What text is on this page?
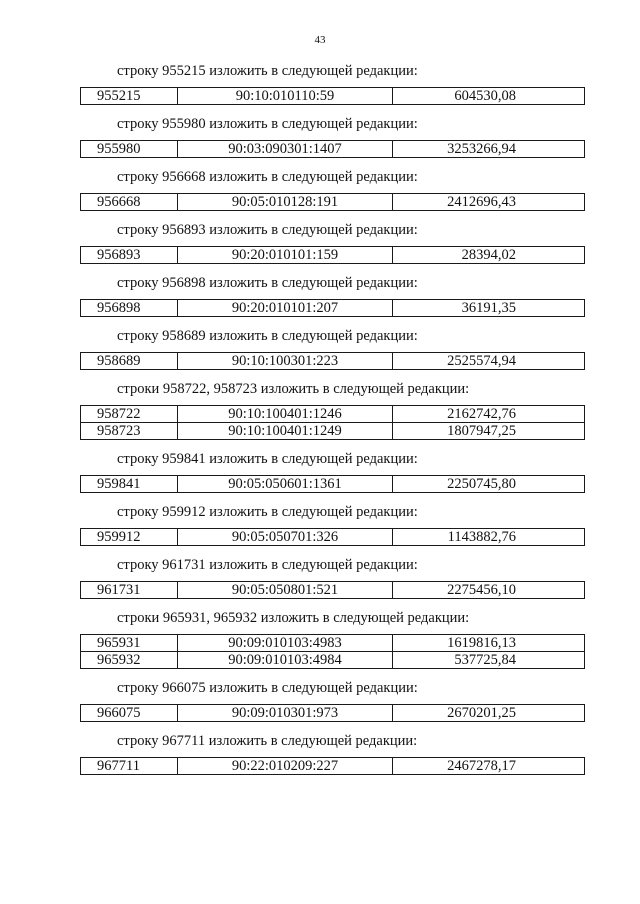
43
строку 955215 изложить в следующей редакции:
955215	90:10:010110:59	604530,08
строку 955980 изложить в следующей редакции:
955980	90:03:090301:1407	3253266,94
строку 956668 изложить в следующей редакции:
956668	90:05:010128:191	2412696,43
строку 956893 изложить в следующей редакции:
956893	90:20:010101:159	28394,02
строку 956898 изложить в следующей редакции:
956898	90:20:010101:207	36191,35
строку 958689 изложить в следующей редакции:
958689	90:10:100301:223	2525574,94
строки 958722, 958723 изложить в следующей редакции:
958722	90:10:100401:1246	2162742,76
958723	90:10:100401:1249	1807947,25
строку 959841 изложить в следующей редакции:
959841	90:05:050601:1361	2250745,80
строку 959912 изложить в следующей редакции:
959912	90:05:050701:326	1143882,76
строку 961731 изложить в следующей редакции:
961731	90:05:050801:521	2275456,10
строки 965931, 965932 изложить в следующей редакции:
965931	90:09:010103:4983	1619816,13
965932	90:09:010103:4984	537725,84
строку 966075 изложить в следующей редакции:
966075	90:09:010301:973	2670201,25
строку 967711 изложить в следующей редакции:
967711	90:22:010209:227	2467278,17
